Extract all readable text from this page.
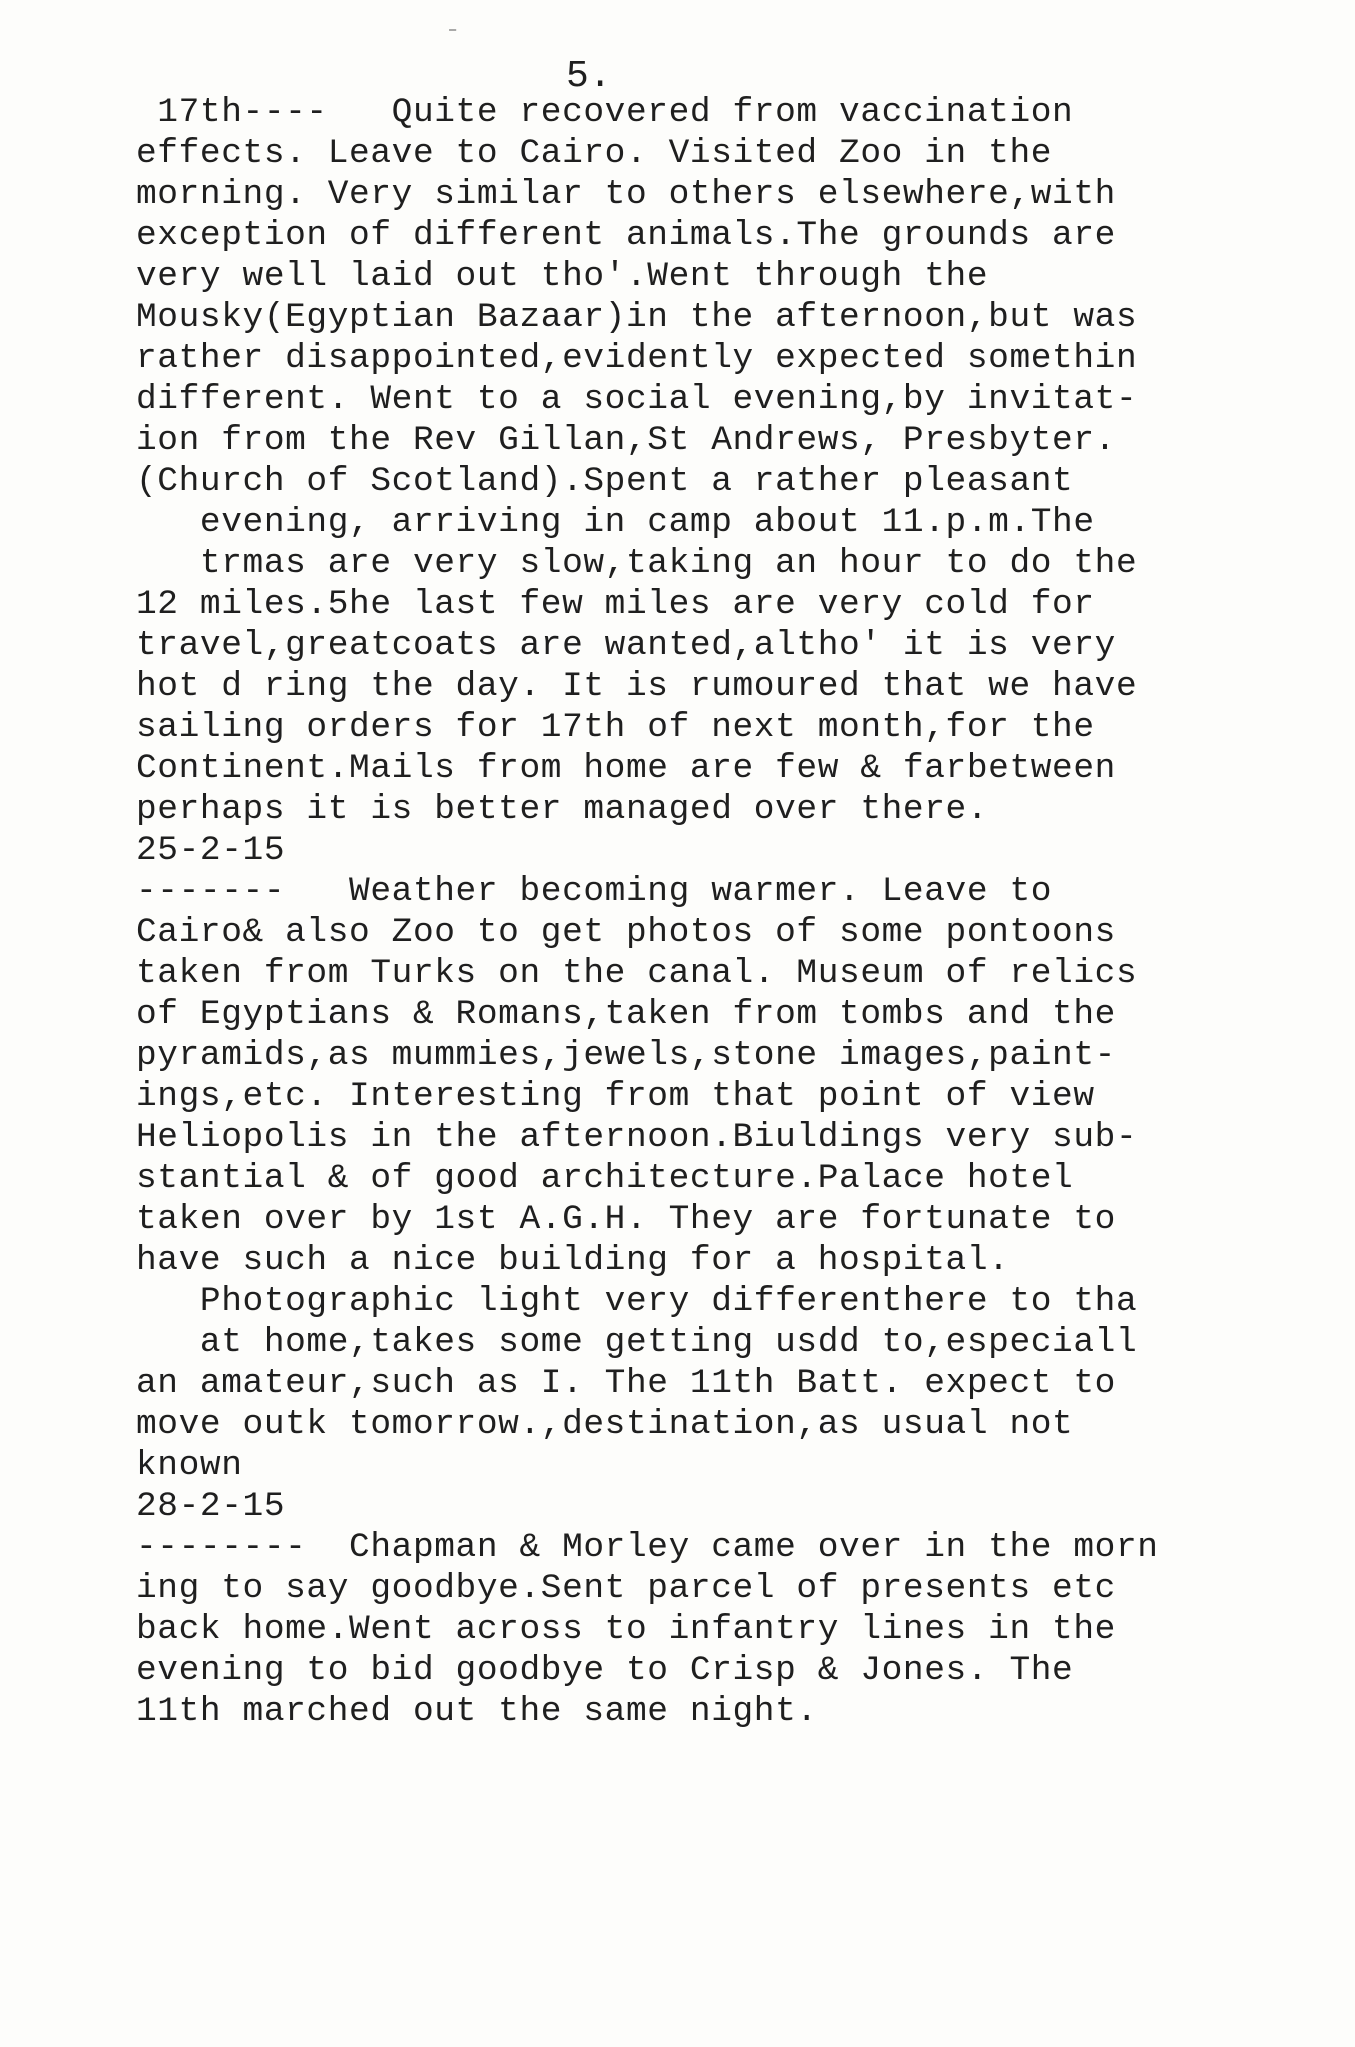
⁻
5.
17th----   Quite recovered from vaccination
effects. Leave to Cairo. Visited Zoo in the
morning. Very similar to others elsewhere,with
exception of different animals.The grounds are
very well laid out tho'.Went through the
Mousky(Egyptian Bazaar)in the afternoon,but was
rather disappointed,evidently expected somethin
different. Went to a social evening,by invitat-
ion from the Rev Gillan,St Andrews, Presbyter.
(Church of Scotland).Spent a rather pleasant
evening, arriving in camp about 11.p.m.The
trmas are very slow,taking an hour to do the
12 miles.5he last few miles are very cold for
travel,greatcoats are wanted,altho' it is very
hot d ring the day. It is rumoured that we have
sailing orders for 17th of next month,for the
Continent.Mails from home are few & farbetween
perhaps it is better managed over there.
25-2-15
-------   Weather becoming warmer. Leave to
Cairo& also Zoo to get photos of some pontoons
taken from Turks on the canal. Museum of relics
of Egyptians & Romans,taken from tombs and the
pyramids,as mummies,jewels,stone images,paint-
ings,etc. Interesting from that point of view
Heliopolis in the afternoon.Biuldings very sub-
stantial & of good architecture.Palace hotel
taken over by 1st A.G.H. They are fortunate to
have such a nice building for a hospital.
Photographic light very differenthere to tha
at home,takes some getting usdd to,especiall
an amateur,such as I. The 11th Batt. expect to
move outk tomorrow.,destination,as usual not
known
28-2-15
--------  Chapman & Morley came over in the morn
ing to say goodbye.Sent parcel of presents etc
back home.Went across to infantry lines in the
evening to bid goodbye to Crisp & Jones. The
11th marched out the same night.
